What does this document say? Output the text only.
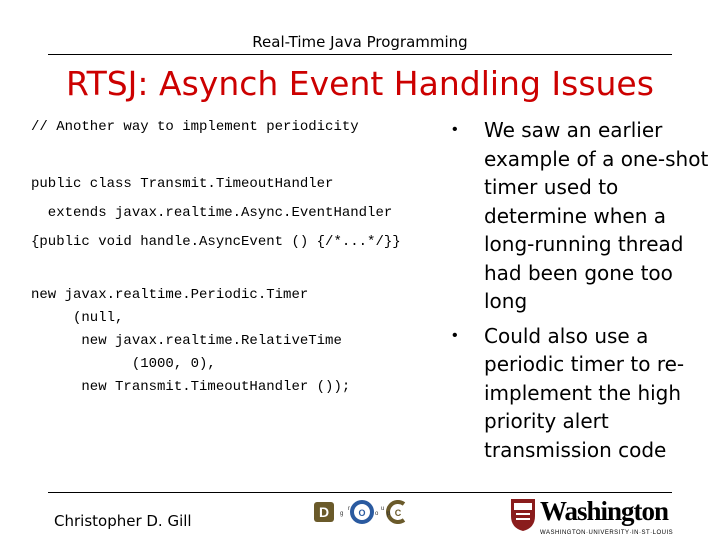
Real-Time Java Programming
RTSJ: Asynch Event Handling Issues
// Another way to implement periodicity
public class Transmit.TimeoutHandler
extends javax.realtime.Async.EventHandler
{public void handle.AsyncEvent () {/*...*/}}
new javax.realtime.Periodic.Timer
(null,
new javax.realtime.RelativeTime
(1000, 0),
new Transmit.TimeoutHandler ());
•	We saw an earlier example of a one-shot timer used to determine when a long-running thread had been gone too long
•	Could also use a periodic timer to re-implement the high priority alert transmission code
Christopher D. Gill	D	O	C
g
r
o
u
p	Washington
WASHINGTON·UNIVERSITY·IN·ST·LOUIS
